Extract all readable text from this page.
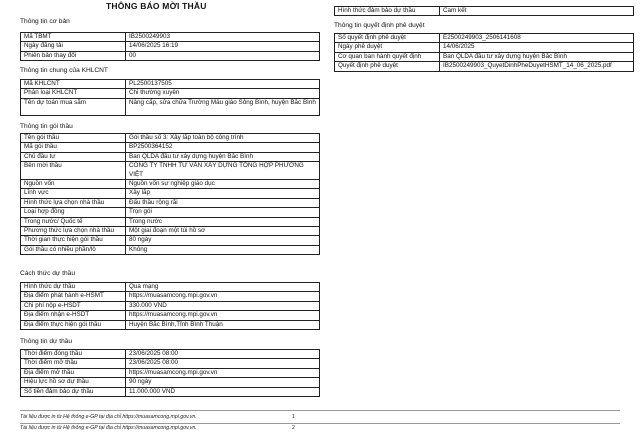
THÔNG BÁO MỜI THẦU
Thông tin cơ bản
Mã TBMT	IB2500249903
Ngày đăng tải	14/06/2025 16:19
Phiên bản thay đổi	00
Thông tin chung của KHLCNT
Mã KHLCNT	PL2500137505
Phân loại KHLCNT	Chi thường xuyên
Tên dự toán mua sắm	Nâng cấp, sửa chữa Trường Mẫu giáo Sông Bình, huyện Bắc Bình
Thông tin gói thầu
Tên gói thầu	Gói thầu số 3: Xây lắp toàn bộ công trình
Mã gói thầu	BP2500364152
Chủ đầu tư	Ban QLDA đầu tư xây dựng huyện Bắc Bình
Bên mời thầu	CÔNG TY TNHH TƯ VẤN XÂY DỰNG TỔNG HỢP PHƯƠNG VIỆT
Nguồn vốn	Nguồn vốn sự nghiệp giáo dục
Lĩnh vực	Xây lắp
Hình thức lựa chọn nhà thầu	Đấu thầu rộng rãi
Loại hợp đồng	Trọn gói
Trong nước/ Quốc tế	Trong nước
Phương thức lựa chọn nhà thầu	Một giai đoạn một túi hồ sơ
Thời gian thực hiện gói thầu	80 ngày
Gói thầu có nhiều phần/lô	Không
Cách thức dự thầu
Hình thức dự thầu	Qua mạng
Địa điểm phát hành e-HSMT	https://muasamcong.mpi.gov.vn
Chi phí nộp e-HSDT	330.000 VND
Địa điểm nhận e-HSDT	https://muasamcong.mpi.gov.vn
Địa điểm thực hiện gói thầu	Huyện Bắc Bình,Tỉnh Bình Thuận
Thông tin dự thầu
Thời điểm đóng thầu	23/06/2025 08:00
Thời điểm mở thầu	23/06/2025 08:00
Địa điểm mở thầu	https://muasamcong.mpi.gov.vn
Hiệu lực hồ sơ dự thầu	90 ngày
Số tiền đảm bảo dự thầu	11.000.000 VND
Hình thức đảm bảo dự thầu	Cam kết
Thông tin quyết định phê duyệt
Số quyết định phê duyệt	E2500249903_2506141608
Ngày phê duyệt	14/06/2025
Cơ quan ban hành quyết định	Ban QLDA đầu tư xây dựng huyện Bắc Bình
Quyết định phê duyệt	IB2500249903_QuyetDinhPheDuyetHSMT_14_06_2025.pdf
Tài liệu được in từ Hệ thống e-GP tại địa chỉ https://muasamcong.mpi.gov.vn.	1
Tài liệu được in từ Hệ thống e-GP tại địa chỉ https://muasamcong.mpi.gov.vn.	2
